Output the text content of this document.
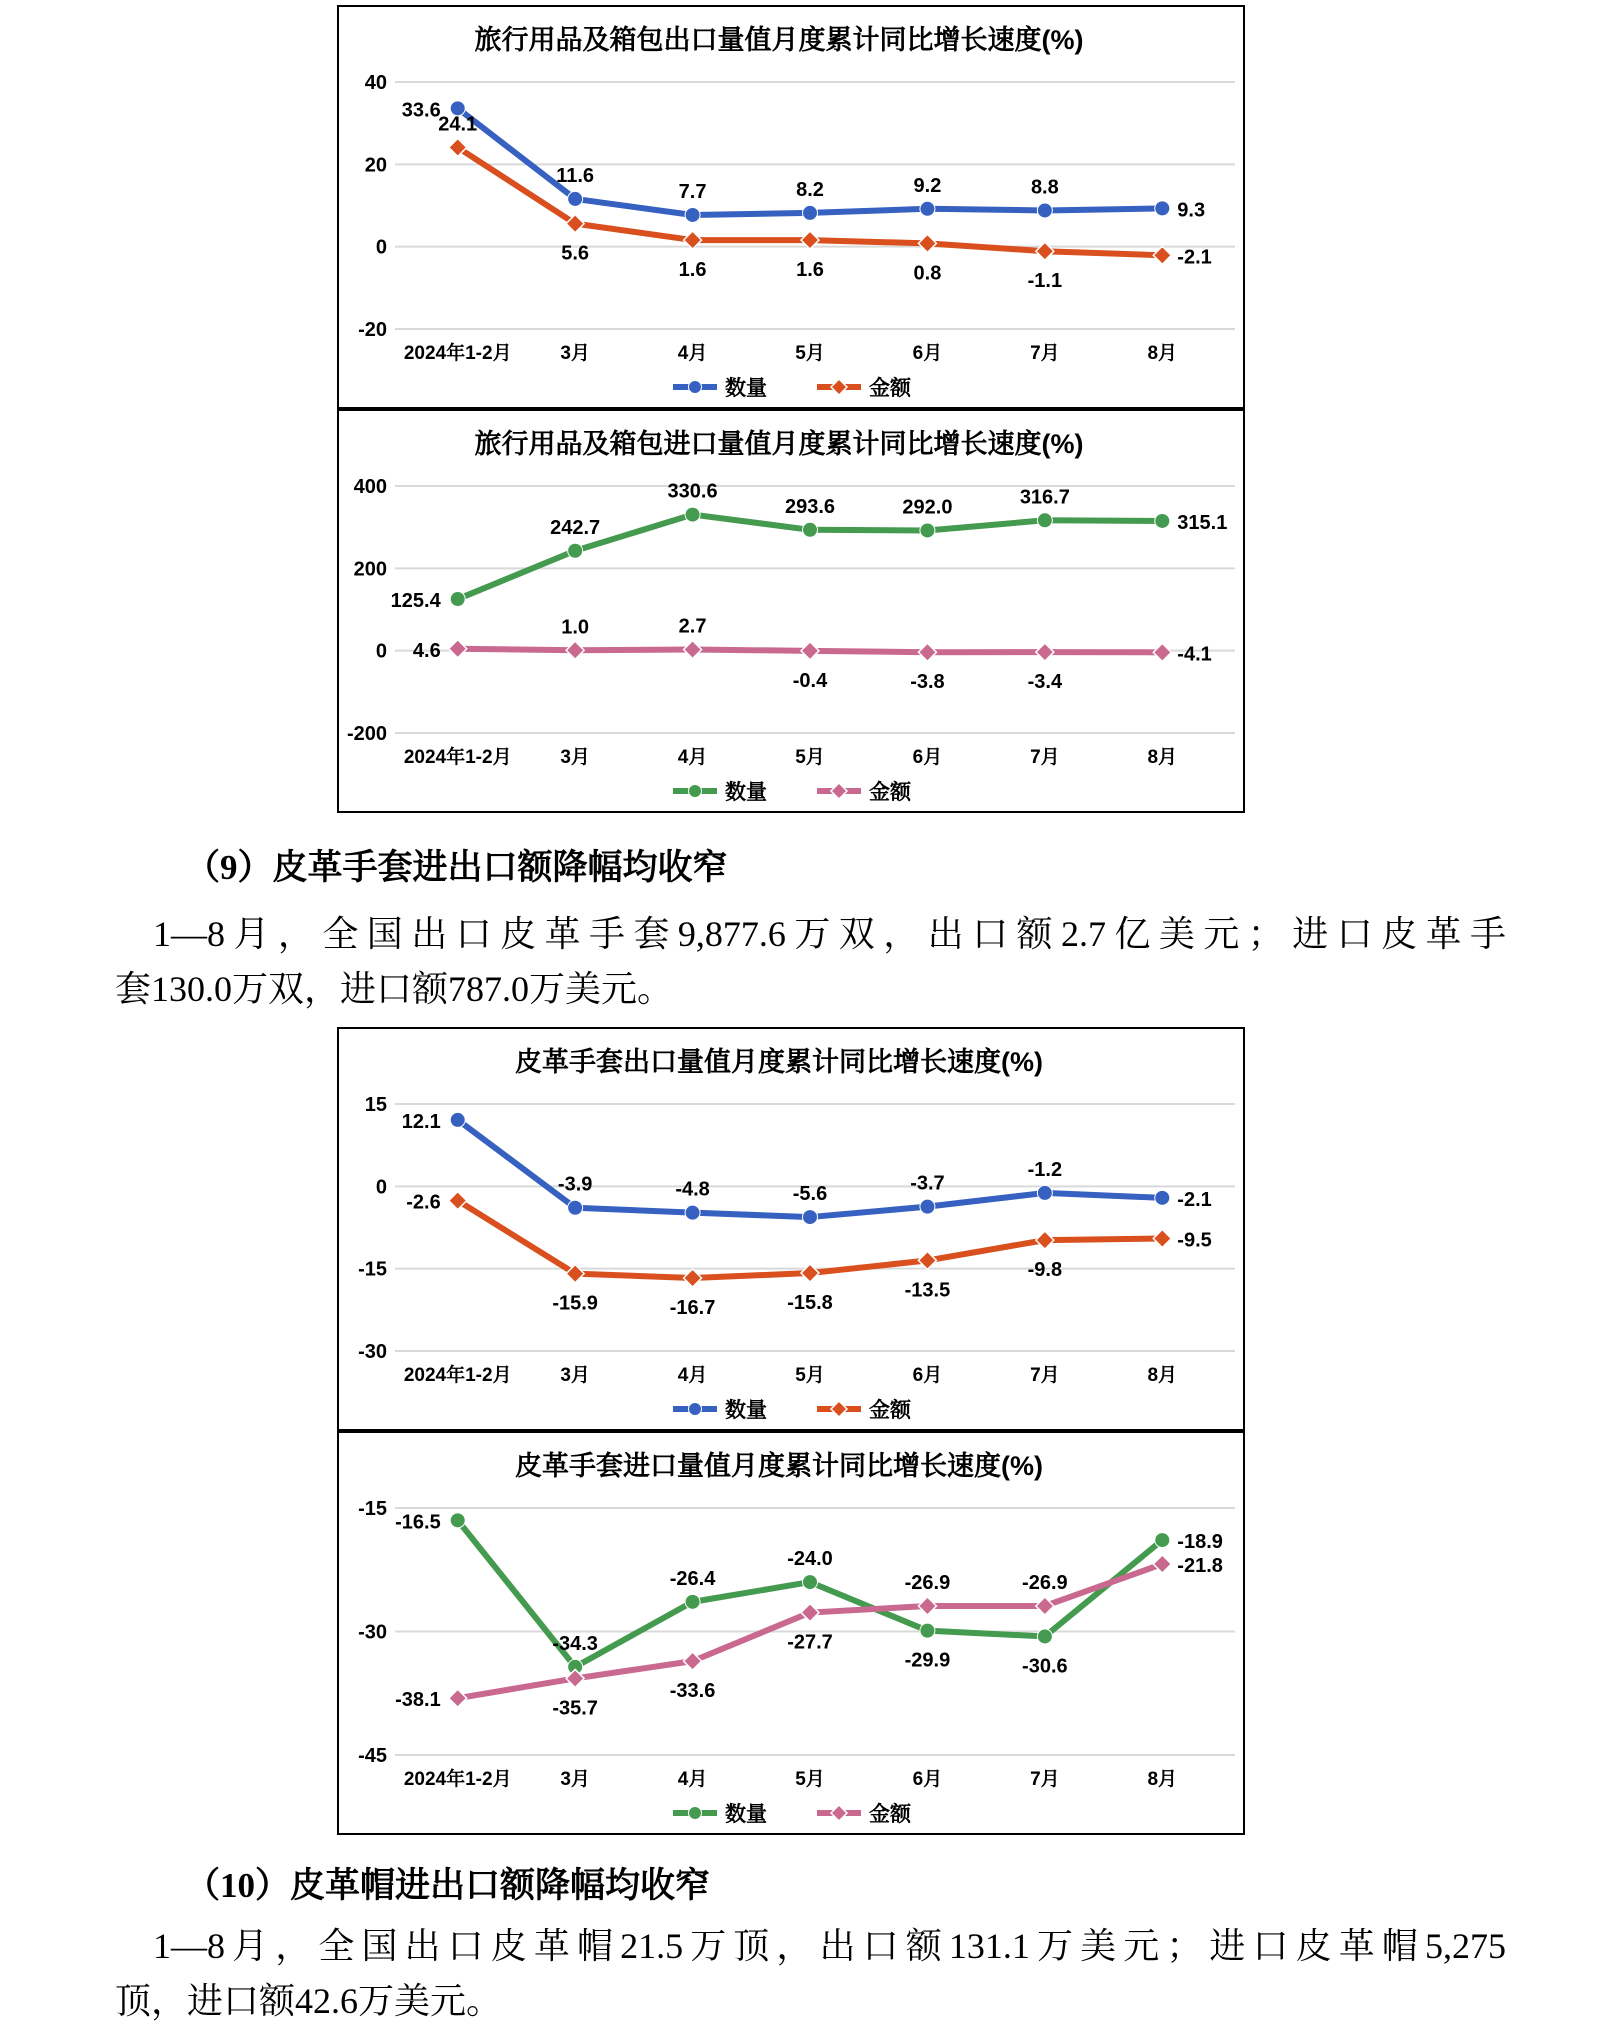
旅行用品及箱包出口量值月度累计同比增长速度(%)
40
20
0
-20
2024年1-2月	3月	4月	5月	6月	7月	8月
33.6
11.6
7.7	8.2	9.2	8.8
9.3
24.1
5.6
1.6	1.6	0.8	-1.1
-2.1
数量	金额
旅行用品及箱包进口量值月度累计同比增长速度(%)
400
200
0
-200
2024年1-2月	3月	4月	5月	6月	7月	8月
125.4
242.7
330.6
293.6	292.0	316.7
315.1
4.6
1.0	2.7
-0.4	-3.8	-3.4
-4.1
数量	金额
（9）皮革手套进出口额降幅均收窄
1—8月，全国出口皮革手套9,877.6万双，出口额2.7亿美元；进口皮革手
套130.0万双，进口额787.0万美元。
皮革手套出口量值月度累计同比增长速度(%)
15
0
-15
-30
2024年1-2月	3月	4月	5月	6月	7月	8月
12.1
-3.9	-4.8	-5.6	-3.7
-1.2
-2.1
-2.6
-15.9	-16.7	-15.8
-13.5
-9.8
-9.5
数量	金额
皮革手套进口量值月度累计同比增长速度(%)
-15
-30
-45
2024年1-2月	3月	4月	5月	6月	7月	8月
-16.5
-34.3
-26.4
-24.0
-29.9	-30.6
-18.9
-38.1	-35.7
-33.6
-27.7
-26.9	-26.9
-21.8
数量	金额
（10）皮革帽进出口额降幅均收窄
1—8月，全国出口皮革帽21.5万顶，出口额131.1万美元；进口皮革帽5,275
顶，进口额42.6万美元。
